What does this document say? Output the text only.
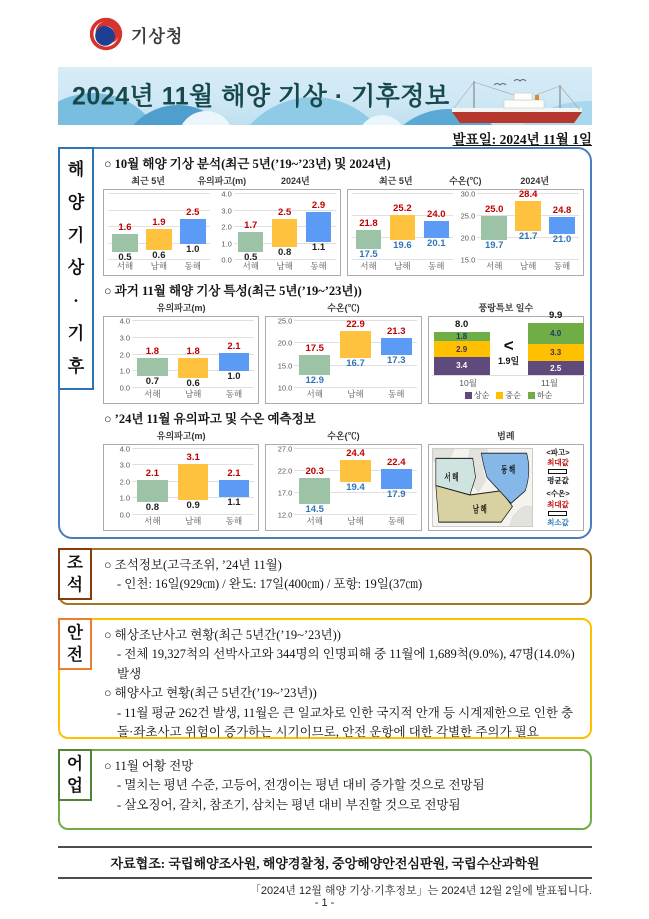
기상청
2024년 11월 해양 기상 · 기후정보
발표일: 2024년 11월 1일
해
양
기
상
·
기
후
○ 10월 해양 기상 분석(최근 5년(’19~’23년) 및 2024년)
최근 5년	유의파고(m)	2024년
1.6
0.5
1.9
0.6
2.5
1.0
서해	남해	동해
4.0
3.0
2.0
1.0
0.0
1.7
0.5
2.5
0.8
2.9
1.1
서해	남해	동해
최근 5년	수온(℃)	2024년
21.8
17.5
25.2
19.6
24.0
20.1
서해	남해	동해
30.0
25.0
20.0
15.0
25.0
19.7
28.4
21.7
24.8
21.0
서해	남해	동해
○ 과거 11월 해양 기상 특성(최근 5년(’19~’23년))
유의파고(m)
4.0
3.0
2.0
1.0
0.0
1.8
0.7
1.8
0.6
2.1
1.0
서해	남해	동해
수온(℃)
25.0
20.0
15.0
10.0
17.5
12.9
22.9
16.7
21.3
17.3
서해	남해	동해
풍랑특보 일수
1.8
2.9
3.4
8.0
<
1.9일
4.0
3.3
2.5
9.9
10월	11월
상순 중순 하순
○ ’24년 11월 유의파고 및 수온 예측정보
유의파고(m)
4.0
3.0
2.0
1.0
0.0
2.1
0.8
3.1
0.9
2.1
1.1
서해	남해	동해
수온(℃)
27.0
22.0
17.0
12.0
20.3
14.5
24.4
19.4
22.4
17.9
서해	남해	동해
범례
서 해
남 해
동 해
<파고>
최대값
평균값
<수온>
최대값
최소값
조
석
○ 조석정보(고극조위, ’24년 11월)
- 인천: 16일(929㎝) / 완도: 17일(400㎝) / 포항: 19일(37㎝)
안
전
○ 해상조난사고 현황(최근 5년간(’19~’23년))
- 전체 19,327척의 선박사고와 344명의 인명피해 중 11월에 1,689척(9.0%), 47명(14.0%) 발생
○ 해양사고 현황(최근 5년간(’19~’23년))
- 11월 평균 262건 발생, 11월은 큰 일교차로 인한 국지적 안개 등 시계제한으로 인한 충돌·좌초사고 위험이 증가하는 시기이므로, 안전 운항에 대한 각별한 주의가 필요
어
업
○ 11월 어황 전망
- 멸치는 평년 수준, 고등어, 전갱이는 평년 대비 증가할 것으로 전망됨
- 살오징어, 갈치, 참조기, 삼치는 평년 대비 부진할 것으로 전망됨
자료협조: 국립해양조사원, 해양경찰청, 중앙해양안전심판원, 국립수산과학원
「2024년 12월 해양 기상·기후정보」는 2024년 12월 2일에 발표됩니다.
- 1 -
